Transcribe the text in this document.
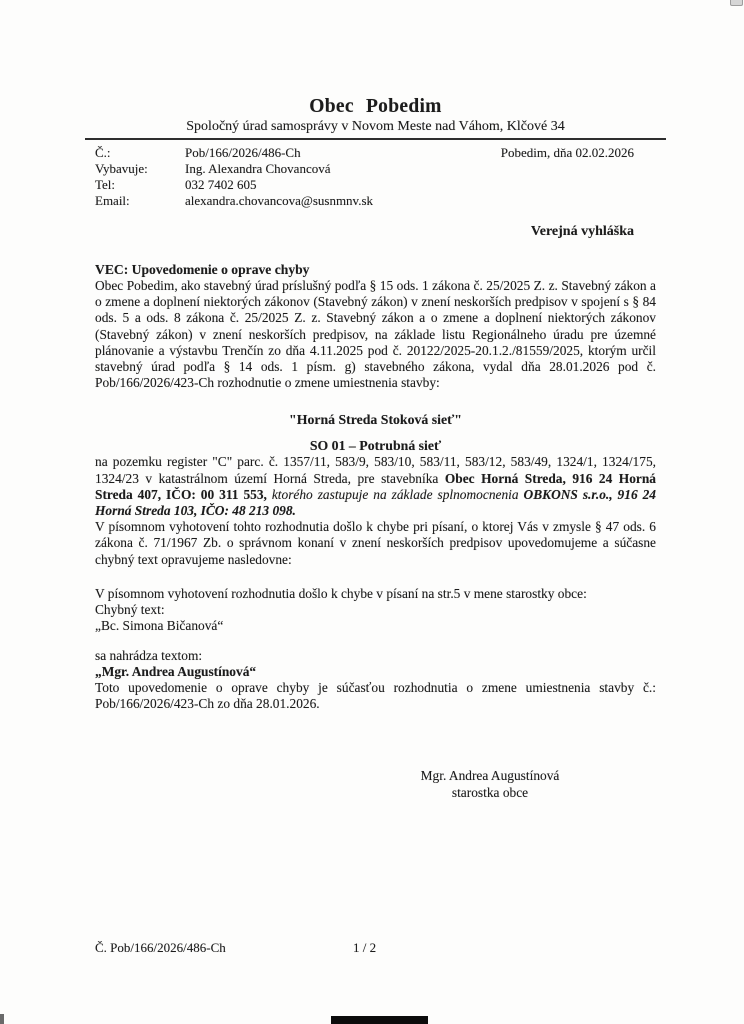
Obec Pobedim
Spoločný úrad samosprávy v Novom Meste nad Váhom, Klčové 34
Č.:	Pob/166/2026/486-Ch
Vybavuje:	Ing. Alexandra Chovancová
Tel:	032 7402 605
Email:	alexandra.chovancova@susnmnv.sk
Pobedim, dňa 02.02.2026
Verejná vyhláška
VEC: Upovedomenie o oprave chyby

Obec Pobedim, ako stavebný úrad príslušný podľa § 15 ods. 1 zákona č. 25/2025 Z. z. Stavebný zákon a o zmene a doplnení niektorých zákonov (Stavebný zákon) v znení neskorších predpisov v spojení s § 84 ods. 5 a ods. 8 zákona č. 25/2025 Z. z. Stavebný zákon a o zmene a doplnení niektorých zákonov (Stavebný zákon) v znení neskorších predpisov, na základe listu Regionálneho úradu pre územné plánovanie a výstavbu Trenčín zo dňa 4.11.2025 pod č. 20122/2025-20.1.2./81559/2025, ktorým určil stavebný úrad podľa § 14 ods. 1 písm. g) stavebného zákona, vydal dňa 28.01.2026 pod č. Pob/166/2026/423-Ch rozhodnutie o zmene umiestnenia stavby:

"Horná Streda Stoková sieť"
SO 01 – Potrubná sieť

na pozemku register "C" parc. č. 1357/11, 583/9, 583/10, 583/11, 583/12, 583/49, 1324/1, 1324/175, 1324/23 v katastrálnom území Horná Streda, pre stavebníka Obec Horná Streda, 916 24 Horná Streda 407, IČO: 00 311 553, ktorého zastupuje na základe splnomocnenia OBKONS s.r.o., 916 24 Horná Streda 103, IČO: 48 213 098.

V písomnom vyhotovení tohto rozhodnutia došlo k chybe pri písaní, o ktorej Vás v zmysle § 47 ods. 6 zákona č. 71/1967 Zb. o správnom konaní v znení neskorších predpisov upovedomujeme a súčasne chybný text opravujeme nasledovne:

V písomnom vyhotovení rozhodnutia došlo k chybe v písaní na str.5 v mene starostky obce:
Chybný text:
„Bc. Simona Bičanová“
sa nahrádza textom:
„Mgr. Andrea Augustínová“

Toto upovedomenie o oprave chyby je súčasťou rozhodnutia o zmene umiestnenia stavby č.: Pob/166/2026/423-Ch zo dňa 28.01.2026.

Mgr. Andrea Augustínová
starostka obce
Č. Pob/166/2026/486-Ch	1 / 2
